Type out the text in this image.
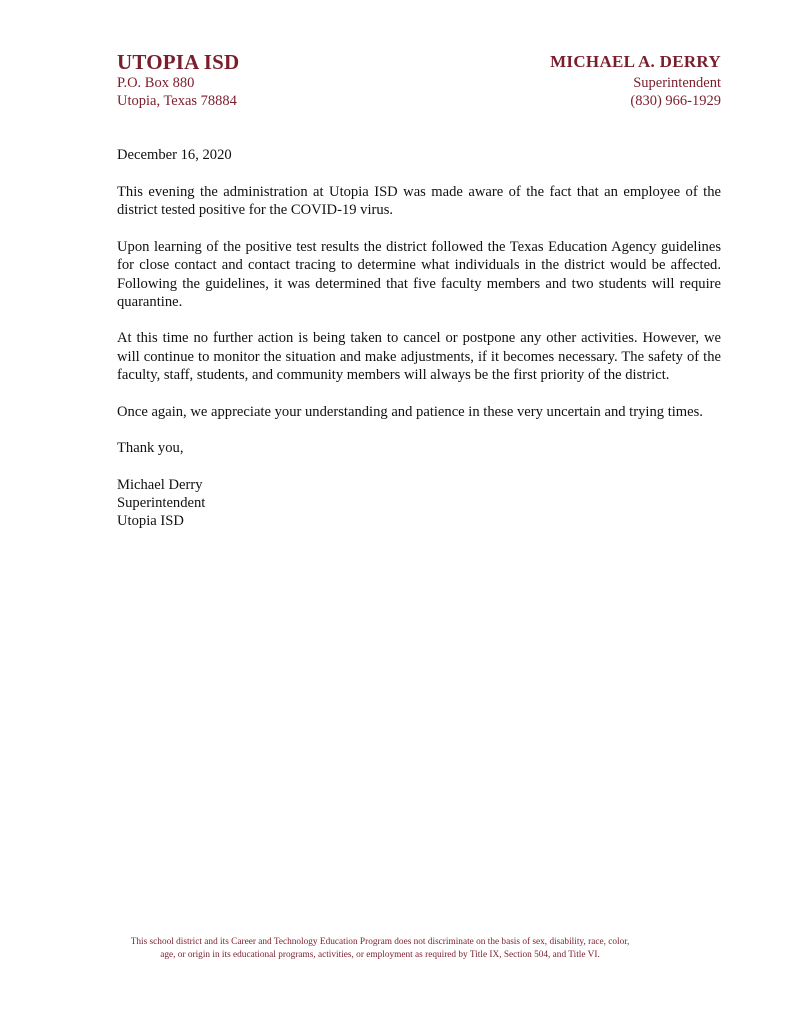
UTOPIA ISD
P.O. Box 880
Utopia, Texas 78884
MICHAEL A. DERRY
Superintendent
(830) 966-1929

December 16, 2020

This evening the administration at Utopia ISD was made aware of the fact that an employee of the district tested positive for the COVID-19 virus.

Upon learning of the positive test results the district followed the Texas Education Agency guidelines for close contact and contact tracing to determine what individuals in the district would be affected. Following the guidelines, it was determined that five faculty members and two students will require quarantine.

At this time no further action is being taken to cancel or postpone any other activities. However, we will continue to monitor the situation and make adjustments, if it becomes necessary. The safety of the faculty, staff, students, and community members will always be the first priority of the district.

Once again, we appreciate your understanding and patience in these very uncertain and trying times.

Thank you,

Michael Derry

Superintendent

Utopia ISD

This school district and its Career and Technology Education Program does not discriminate on the basis of sex, disability, race, color,
age, or origin in its educational programs, activities, or employment as required by Title IX, Section 504, and Title VI.
